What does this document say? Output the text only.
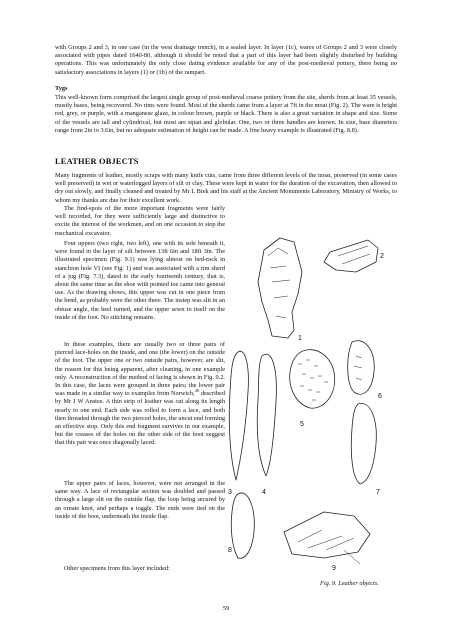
with Groups 2 and 3, in one case (in the west drainage trench), in a sealed layer. In layer (1c), wares of Groups 2 and 3 were closely associated with pipes dated 1640-80, although it should be noted that a part of this layer had been slightly disturbed by building operations. This was unfortunately the only close dating evidence available for any of the post-medieval pottery, there being no satisfactory associations in layers (1) or (1b) of the rampart.

Tygs

This well-known form comprised the largest single group of post-medieval coarse pottery from the site, sherds from at least 35 vessels, mostly bases, being recovered. No rims were found. Most of the sherds came from a layer at 7ft in the moat (Fig. 2). The ware is bright red, grey, or purple, with a manganese glaze, in colour brown, purple or black. There is also a great variation in shape and size. Some of the vessels are tall and cylindrical, but most are squat and globular. One, two or three handles are known. In size, base diameters range from 2in to 3.6in, but no adequate estimation of height can be made. A fine heavy example is illustrated (Fig. 8.8).

LEATHER OBJECTS

Many fragments of leather, mostly scraps with many knife cuts, came from three different levels of the moat, preserved (in some cases well preserved) in wet or waterlogged layers of silt or clay. These were kept in water for the duration of the excavation, then allowed to dry out slowly, and finally cleaned and treated by Mr L Biek and his staff at the Ancient Monuments Laboratory, Ministry of Works, to whom my thanks are due for their excellent work.

The find-spots of the more important fragments were fairly well recorded, for they were sufficiently large and distinctive to excite the interest of the workmen, and on one occasion to stop the mechanical excavator.

Four uppers (two right, two left), one with its sole beneath it, were found in the layer of silt between 13ft 6in and 18ft 3in. The illustrated specimen (Fig. 9.1) was lying almost on bed-rock in stanchion hole VI (see Fig. 1) and was associated with a rim sherd of a jug (Fig. 7.3), dated to the early fourteenth century, that is, about the same time as the shoe with pointed toe came into general use. As the drawing shows, this upper was cut in one piece from the bend, as probably were the other three. The instep was slit in an obtuse angle, the heel turned, and the upper sewn to itself on the inside of the foot. No stitching remains.

In these examples, there are usually two or three pairs of pierced lace-holes on the inside, and one (the lower) on the outside of the foot. The upper one or two outside pairs, however, are slit, the reason for this being apparent, after cleaning, in one example only. A reconstruction of the method of lacing is shown in Fig. 9.2. In this case, the laces were grouped in three pairs; the lower pair was made in a similar way to examples from Norwich,$^{40}$ described by Mr J W Anstee. A thin strip of leather was cut along its length nearly to one end. Each side was rolled to form a lace, and both then threaded through the two pierced holes, the uncut end forming an effective stop. Only this end fragment survives in our example, but the creases of the holes on the other side of the boot suggest that this pair was once diagonally laced.

The upper pairs of laces, however, were not arranged in the same way. A lace of rectangular section was doubled and passed through a large slit on the outside flap, the loop being secured by an ornate knot, and perhaps a toggle. The ends were tied on the inside of the boot, underneath the inside flap.

Other specimens from this layer included:

1
2
3	4
5
6
7
8
9
Fig. 9. Leather objects.
59
